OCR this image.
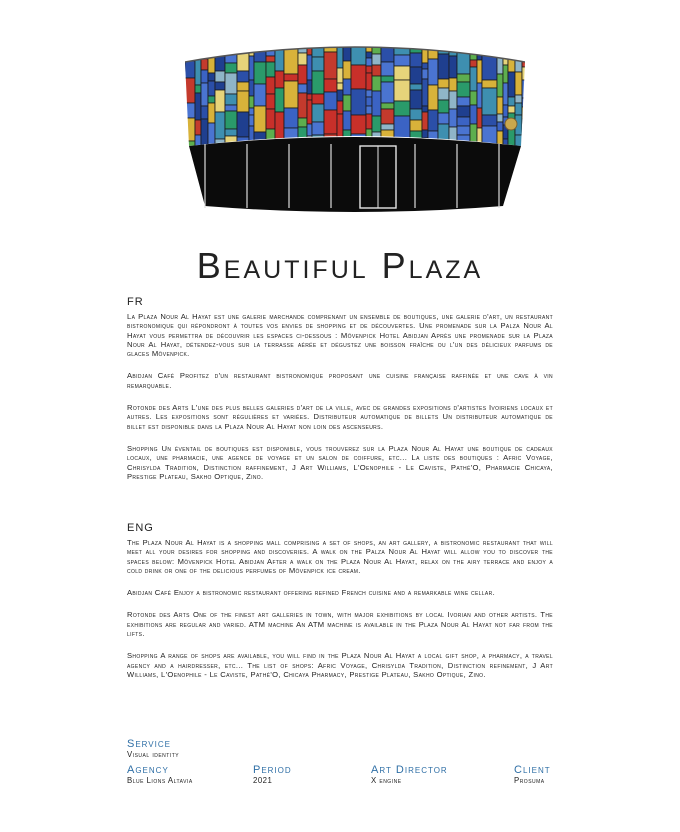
Beautiful Plaza

FR

La Plaza Nour Al Hayat est une galerie marchande comprenant un ensemble de boutiques, une galerie d'art, un restaurant bistronomique qui répondront à toutes vos envies de shopping et de découvertes. Une promenade sur la Palza Nour Al Hayat vous permettra de découvrir les espaces ci-dessous : Mövenpick Hotel Abidjan Après une promenade sur la Plaza Nour Al Hayat, détendez-vous sur la terrasse aérée et dégustez une boisson fraîche ou l'un des délicieux parfums de glaces Mövenpick.

Abidjan Café Profitez d'un restaurant bistronomique proposant une cuisine française raffinée et une cave à vin remarquable.

Rotonde des Arts L'une des plus belles galeries d'art de la ville, avec de grandes expositions d'artistes Ivoiriens locaux et autres. Les expositions sont régulières et variées. Distributeur automatique de billets Un distributeur automatique de billet est disponible dans la Plaza Nour Al Hayat non loin des ascenseurs.

Shopping Un éventail de boutiques est disponible, vous trouverez sur la Plaza Nour Al Hayat une boutique de cadeaux locaux, une pharmacie, une agence de voyage et un salon de coiffure, etc... La liste des boutiques : Afric Voyage, Chrisylda Tradition, Distinction raffinement, J Art Williams, L'Oenophile - Le Caviste, Pathé'O, Pharmacie Chicaya, Prestige Plateau, Sakho Optique, Zino.

ENG

The Plaza Nour Al Hayat is a shopping mall comprising a set of shops, an art gallery, a bistronomic restaurant that will meet all your desires for shopping and discoveries. A walk on the Palza Nour Al Hayat will allow you to discover the spaces below: Mövenpick Hotel Abidjan After a walk on the Plaza Nour Al Hayat, relax on the airy terrace and enjoy a cold drink or one of the delicious perfumes of Mövenpick ice cream.

Abidjan Café Enjoy a bistronomic restaurant offering refined French cuisine and a remarkable wine cellar.

Rotonde des Arts One of the finest art galleries in town, with major exhibitions by local Ivorian and other artists. The exhibitions are regular and varied. ATM machine An ATM machine is available in the Plaza Nour Al Hayat not far from the lifts.

Shopping A range of shops are available, you will find in the Plaza Nour Al Hayat a local gift shop, a pharmacy, a travel agency and a hairdresser, etc... The list of shops: Afric Voyage, Chrisylda Tradition, Distinction refinement, J Art Williams, L'Oenophile - Le Caviste, Pathé'O, Chicaya Pharmacy, Prestige Plateau, Sakho Optique, Zino.

Service
Visual identity
Agency
Blue Lions Altavia
Period
2021
Art Director
X engine
Client
Prosuma
